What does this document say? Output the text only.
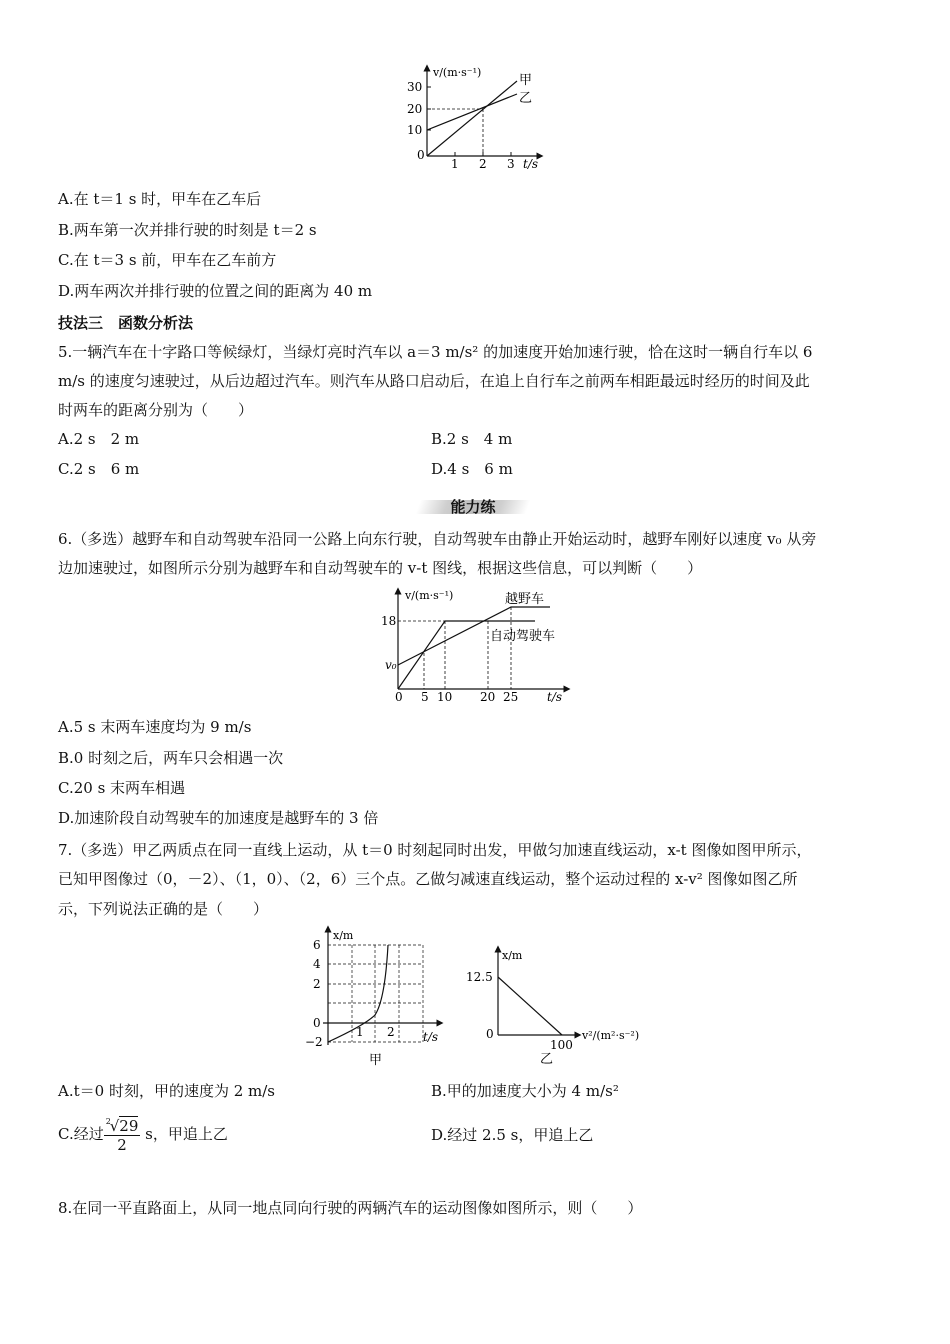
v/(m·s⁻¹)
t/s
0
30
20
10
1 2 3
甲
乙
A.在 t＝1 s 时，甲车在乙车后
B.两车第一次并排行驶的时刻是 t＝2 s
C.在 t＝3 s 前，甲车在乙车前方
D.两车两次并排行驶的位置之间的距离为 40 m
技法三　函数分析法
5.一辆汽车在十字路口等候绿灯，当绿灯亮时汽车以 a＝3 m/s² 的加速度开始加速行驶，恰在这时一辆自行车以 6
m/s 的速度匀速驶过，从后边超过汽车。则汽车从路口启动后，在追上自行车之前两车相距最远时经历的时间及此
时两车的距离分别为（　　）
A.2 s　2 m	B.2 s　4 m
C.2 s　6 m	D.4 s　6 m
能力练
6.（多选）越野车和自动驾驶车沿同一公路上向东行驶，自动驾驶车由静止开始运动时，越野车刚好以速度 v₀ 从旁
边加速驶过，如图所示分别为越野车和自动驾驶车的 v-t 图线，根据这些信息，可以判断（　　）
v/(m·s⁻¹)
t/s
18
v₀
0 5 10 20 25
越野车
自动驾驶车
A.5 s 末两车速度均为 9 m/s
B.0 时刻之后，两车只会相遇一次
C.20 s 末两车相遇
D.加速阶段自动驾驶车的加速度是越野车的 3 倍
7.（多选）甲乙两质点在同一直线上运动，从 t＝0 时刻起同时出发，甲做匀加速直线运动，x-t 图像如图甲所示，
已知甲图像过（0，－2）、（1，0）、（2，6）三个点。乙做匀减速直线运动，整个运动过程的 x-v² 图像如图乙所
示，下列说法正确的是（　　）
x/m
t/s
6
4
2
0
−2
1 2
甲
x/m
v²/(m²·s⁻²)
12.5
0
100
乙
A.t＝0 时刻，甲的速度为 2 m/s	B.甲的加速度大小为 4 m/s²
C.经过 2
√29
2 s，甲追上乙	D.经过 2.5 s，甲追上乙
8.在同一平直路面上，从同一地点同向行驶的两辆汽车的运动图像如图所示，则（　　）
